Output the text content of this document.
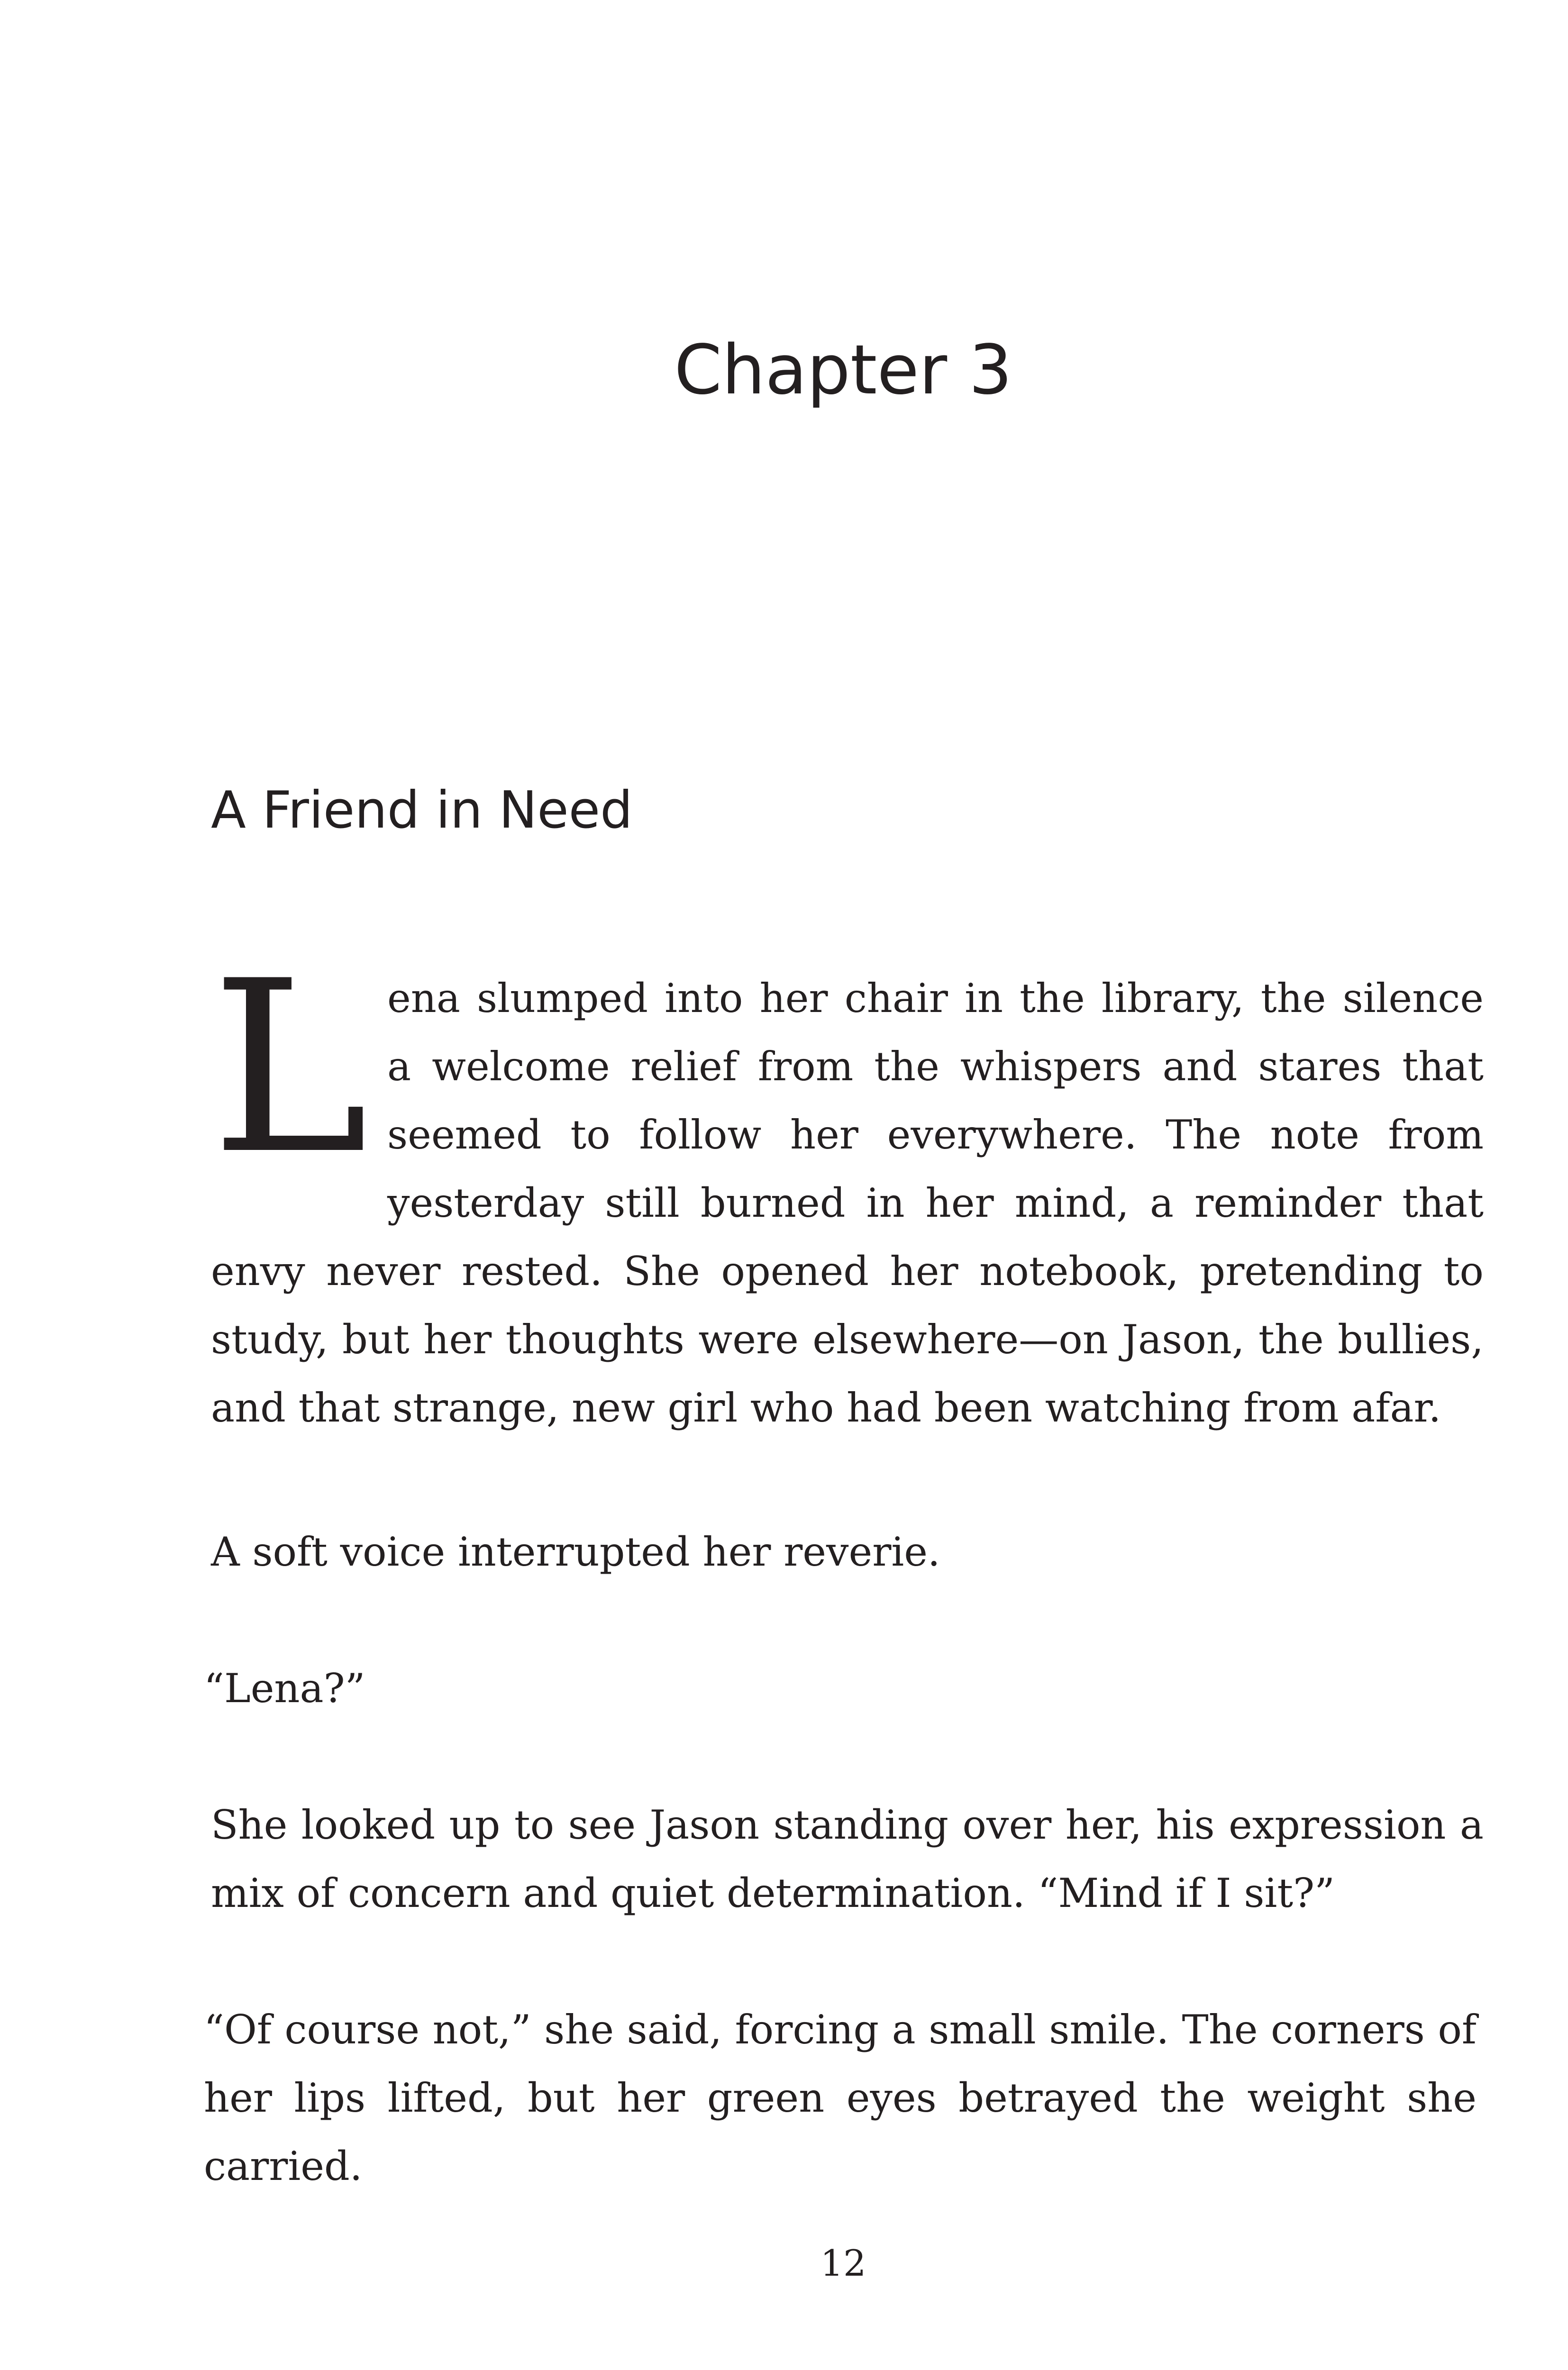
Chapter 3
A Friend in Need

Lena slumped into her chair in the library, the silence a welcome relief from the whispers and stares that seemed to follow her everywhere. The note from yesterday still burned in her mind, a reminder that envy never rested. She opened her notebook, pretending to study, but her thoughts were elsewhere—on Jason, the bullies, and that strange, new girl who had been watching from afar.

A soft voice interrupted her reverie.

“Lena?”

She looked up to see Jason standing over her, his expression a mix of concern and quiet determination. “Mind if I sit?”

“Of course not,” she said, forcing a small smile. The corners of her lips lifted, but her green eyes betrayed the weight she carried.

12
